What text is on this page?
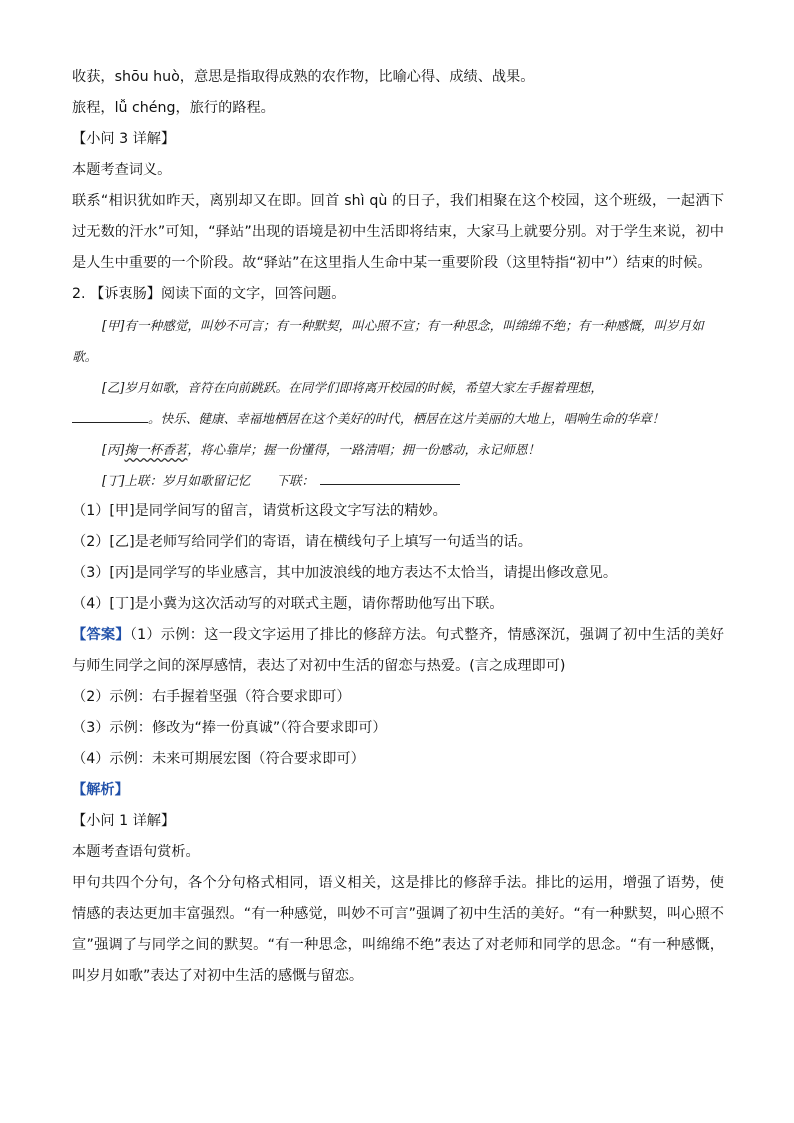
收获，shōu huò，意思是指取得成熟的农作物，比喻心得、成绩、战果。
旅程，lǚ chéng，旅行的路程。
【小问 3 详解】
本题考查词义。
联系“相识犹如昨天，离别却又在即。回首 shì qù 的日子，我们相聚在这个校园，这个班级，一起洒下过无数的汗水”可知，“驿站”出现的语境是初中生活即将结束，大家马上就要分别。对于学生来说，初中是人生中重要的一个阶段。故“驿站”在这里指人生命中某一重要阶段（这里特指“初中”）结束的时候。
2. 【诉衷肠】阅读下面的文字，回答问题。
[甲]有一种感觉，叫妙不可言；有一种默契，叫心照不宣；有一种思念，叫绵绵不绝；有一种感慨，叫岁月如歌。
[乙]岁月如歌，音符在向前跳跃。在同学们即将离开校园的时候，希望大家左手握着理想，
。快乐、健康、幸福地栖居在这个美好的时代，栖居在这片美丽的大地上，唱响生命的华章！
[丙]掬一杯香茗，将心靠岸；握一份懂得，一路清唱；拥一份感动，永记师恩！
[丁]上联：岁月如歌留记忆 下联：
（1）[甲]是同学间写的留言，请赏析这段文字写法的精妙。
（2）[乙]是老师写给同学们的寄语，请在横线句子上填写一句适当的话。
（3）[丙]是同学写的毕业感言，其中加波浪线的地方表达不太恰当，请提出修改意见。
（4）[丁]是小冀为这次活动写的对联式主题，请你帮助他写出下联。
【答案】（1）示例：这一段文字运用了排比的修辞方法。句式整齐，情感深沉，强调了初中生活的美好与师生同学之间的深厚感情，表达了对初中生活的留恋与热爱。(言之成理即可)
（2）示例：右手握着坚强（符合要求即可）
（3）示例：修改为“捧一份真诚”（符合要求即可）
（4）示例：未来可期展宏图（符合要求即可）
【解析】
【小问 1 详解】
本题考查语句赏析。
甲句共四个分句，各个分句格式相同，语义相关，这是排比的修辞手法。排比的运用，增强了语势，使情感的表达更加丰富强烈。“有一种感觉，叫妙不可言”强调了初中生活的美好。“有一种默契，叫心照不宣”强调了与同学之间的默契。“有一种思念，叫绵绵不绝”表达了对老师和同学的思念。“有一种感慨，叫岁月如歌”表达了对初中生活的感慨与留恋。
